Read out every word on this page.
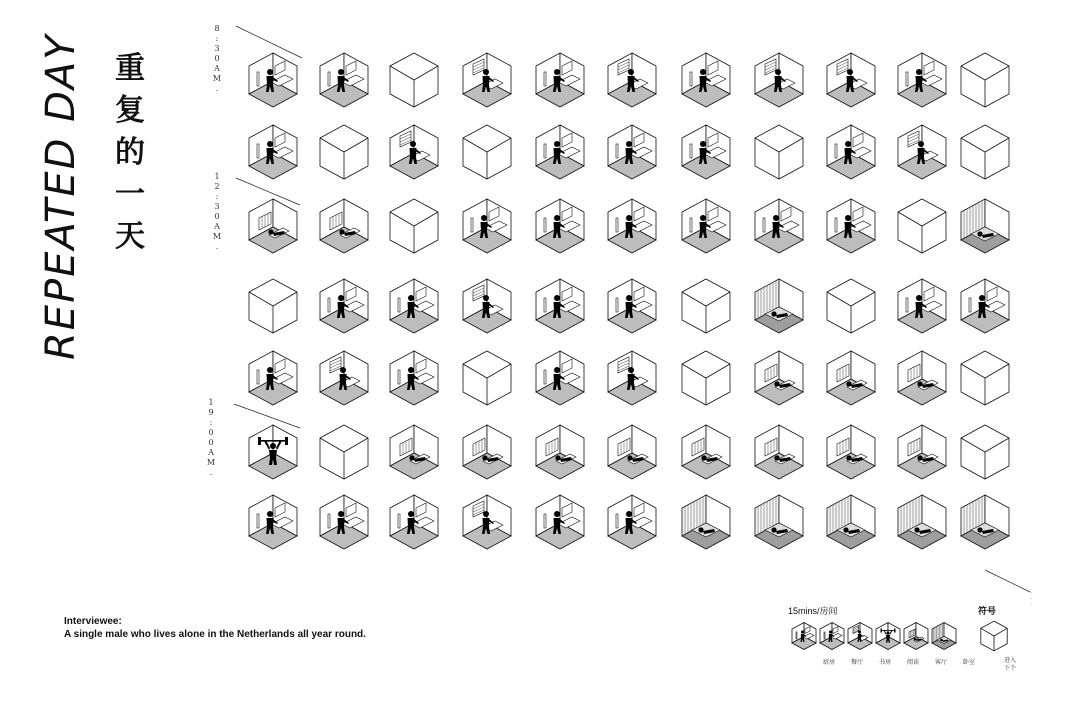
REPEATED DAY 重
复
的
一
天
8
:
3
0
A
M
.
1
2
:
3
0
A
M
.
1
9
:
0
0
A
M
.
Interviewee:
A single male who lives alone in the Netherlands all year round.
15mins/房间
厨房	餐厅	书房	阅读	客厅	卧室
符号
进入
下个
·
·
·
